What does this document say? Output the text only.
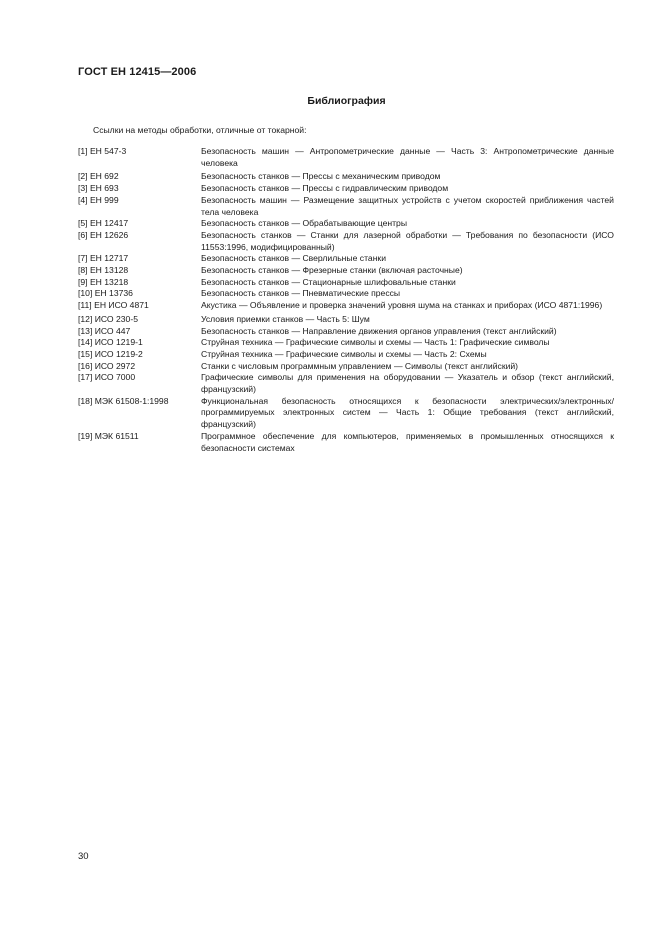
ГОСТ ЕН 12415—2006
Библиография
Ссылки на методы обработки, отличные от токарной:
[1] ЕН 547-3	Безопасность машин — Антропометрические данные — Часть 3: Антропометрические данные человека
[2] ЕН 692	Безопасность станков — Прессы с механическим приводом
[3] ЕН 693	Безопасность станков — Прессы с гидравлическим приводом
[4] ЕН 999	Безопасность машин — Размещение защитных устройств с учетом скоростей приближения частей тела человека
[5] ЕН 12417	Безопасность станков — Обрабатывающие центры
[6] ЕН 12626	Безопасность станков — Станки для лазерной обработки — Требования по безопасности (ИСО 11553:1996, модифицированный)
[7] ЕН 12717	Безопасность станков — Сверлильные станки
[8] ЕН 13128	Безопасность станков — Фрезерные станки (включая расточные)
[9] ЕН 13218	Безопасность станков — Стационарные шлифовальные станки
[10] ЕН 13736	Безопасность станков — Пневматические прессы
[11] ЕН ИСО 4871	Акустика — Объявление и проверка значений уровня шума на станках и приборах (ИСО 4871:1996)
[12] ИСО 230-5	Условия приемки станков — Часть 5: Шум
[13] ИСО 447	Безопасность станков — Направление движения органов управления (текст английский)
[14] ИСО 1219-1	Струйная техника — Графические символы и схемы — Часть 1: Графические символы
[15] ИСО 1219-2	Струйная техника — Графические символы и схемы — Часть 2: Схемы
[16] ИСО 2972	Станки с числовым программным управлением — Символы (текст английский)
[17] ИСО 7000	Графические символы для применения на оборудовании — Указатель и обзор (текст английский, французский)
[18] МЭК 61508-1:1998	Функциональная безопасность относящихся к безопасности электрических/электронных/программируемых электронных систем — Часть 1: Общие требования (текст английский, французский)
[19] МЭК 61511	Программное обеспечение для компьютеров, применяемых в промышленных относящихся к безопасности системах
30
